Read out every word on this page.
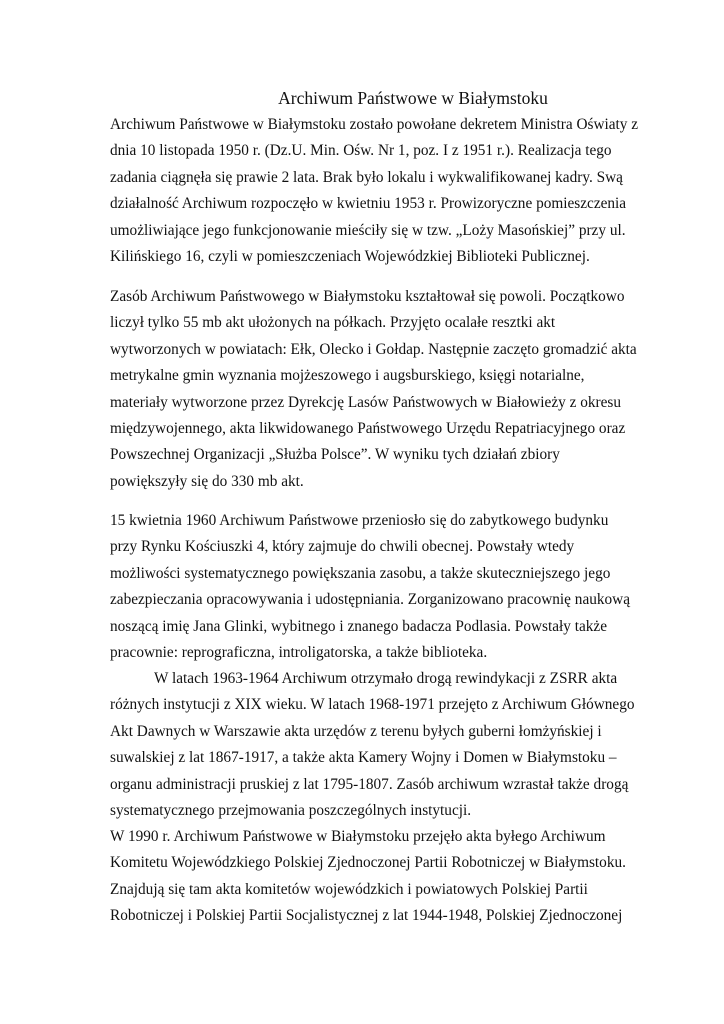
Archiwum Państwowe w Białymstoku
Archiwum Państwowe w Białymstoku zostało powołane dekretem Ministra Oświaty z
dnia 10 listopada 1950 r. (Dz.U. Min. Ośw. Nr 1, poz. I z 1951 r.). Realizacja tego
zadania ciągnęła się prawie 2 lata. Brak było lokalu i wykwalifikowanej kadry. Swą
działalność Archiwum rozpoczęło w kwietniu 1953 r. Prowizoryczne pomieszczenia
umożliwiające jego funkcjonowanie mieściły się w tzw. „Loży Masońskiej” przy ul.
Kilińskiego 16, czyli w pomieszczeniach Wojewódzkiej Biblioteki Publicznej.
Zasób Archiwum Państwowego w Białymstoku kształtował się powoli. Początkowo
liczył tylko 55 mb akt ułożonych na półkach. Przyjęto ocalałe resztki akt
wytworzonych w powiatach: Ełk, Olecko i Gołdap. Następnie zaczęto gromadzić akta
metrykalne gmin wyznania mojżeszowego i augsburskiego, księgi notarialne,
materiały wytworzone przez Dyrekcję Lasów Państwowych w Białowieży z okresu
międzywojennego, akta likwidowanego Państwowego Urzędu Repatriacyjnego oraz
Powszechnej Organizacji „Służba Polsce”. W wyniku tych działań zbiory
powiększyły się do 330 mb akt.
15 kwietnia 1960 Archiwum Państwowe przeniosło się do zabytkowego budynku
przy Rynku Kościuszki 4, który zajmuje do chwili obecnej. Powstały wtedy
możliwości systematycznego powiększania zasobu, a także skuteczniejszego jego
zabezpieczania opracowywania i udostępniania. Zorganizowano pracownię naukową
noszącą imię Jana Glinki, wybitnego i znanego badacza Podlasia. Powstały także
pracownie: reprograficzna, introligatorska, a także biblioteka.
W latach 1963-1964 Archiwum otrzymało drogą rewindykacji z ZSRR akta
różnych instytucji z XIX wieku. W latach 1968-1971 przejęto z Archiwum Głównego
Akt Dawnych w Warszawie akta urzędów z terenu byłych guberni łomżyńskiej i
suwalskiej z lat 1867-1917, a także akta Kamery Wojny i Domen w Białymstoku –
organu administracji pruskiej z lat 1795-1807. Zasób archiwum wzrastał także drogą
systematycznego przejmowania poszczególnych instytucji.
W 1990 r. Archiwum Państwowe w Białymstoku przejęło akta byłego Archiwum
Komitetu Wojewódzkiego Polskiej Zjednoczonej Partii Robotniczej w Białymstoku.
Znajdują się tam akta komitetów wojewódzkich i powiatowych Polskiej Partii
Robotniczej i Polskiej Partii Socjalistycznej z lat 1944-1948, Polskiej Zjednoczonej
